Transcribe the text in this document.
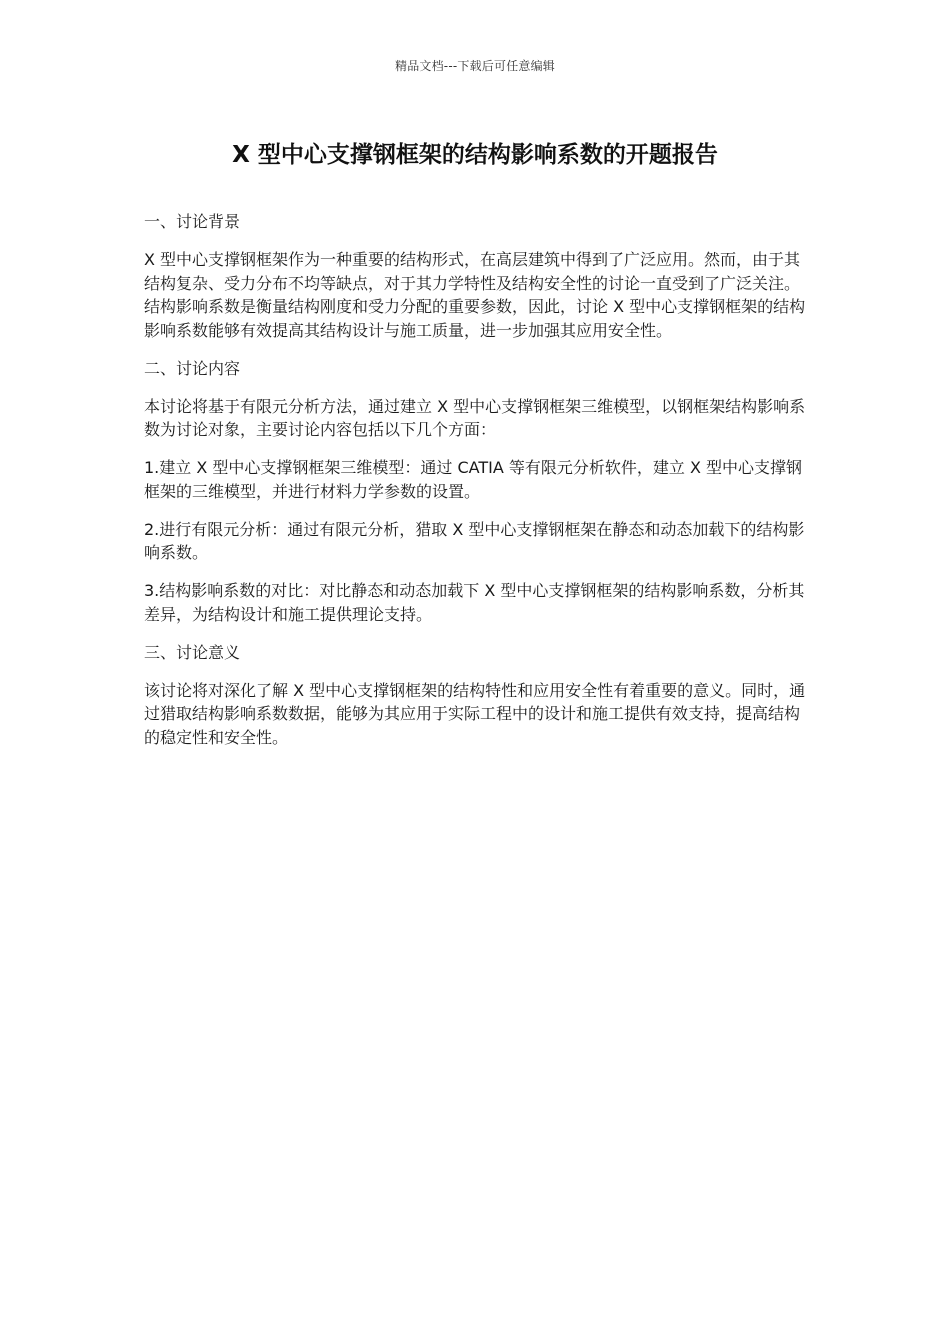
精品文档---下载后可任意编辑
X 型中心支撑钢框架的结构影响系数的开题报告
一、讨论背景

X 型中心支撑钢框架作为一种重要的结构形式，在高层建筑中得到了广泛应用。然而，由于其结构复杂、受力分布不均等缺点，对于其力学特性及结构安全性的讨论一直受到了广泛关注。结构影响系数是衡量结构刚度和受力分配的重要参数，因此，讨论 X 型中心支撑钢框架的结构影响系数能够有效提高其结构设计与施工质量，进一步加强其应用安全性。

二、讨论内容

本讨论将基于有限元分析方法，通过建立 X 型中心支撑钢框架三维模型，以钢框架结构影响系数为讨论对象，主要讨论内容包括以下几个方面：

1.建立 X 型中心支撑钢框架三维模型：通过 CATIA 等有限元分析软件，建立 X 型中心支撑钢框架的三维模型，并进行材料力学参数的设置。

2.进行有限元分析：通过有限元分析，猎取 X 型中心支撑钢框架在静态和动态加载下的结构影响系数。

3.结构影响系数的对比：对比静态和动态加载下 X 型中心支撑钢框架的结构影响系数，分析其差异，为结构设计和施工提供理论支持。

三、讨论意义

该讨论将对深化了解 X 型中心支撑钢框架的结构特性和应用安全性有着重要的意义。同时，通过猎取结构影响系数数据，能够为其应用于实际工程中的设计和施工提供有效支持，提高结构的稳定性和安全性。
